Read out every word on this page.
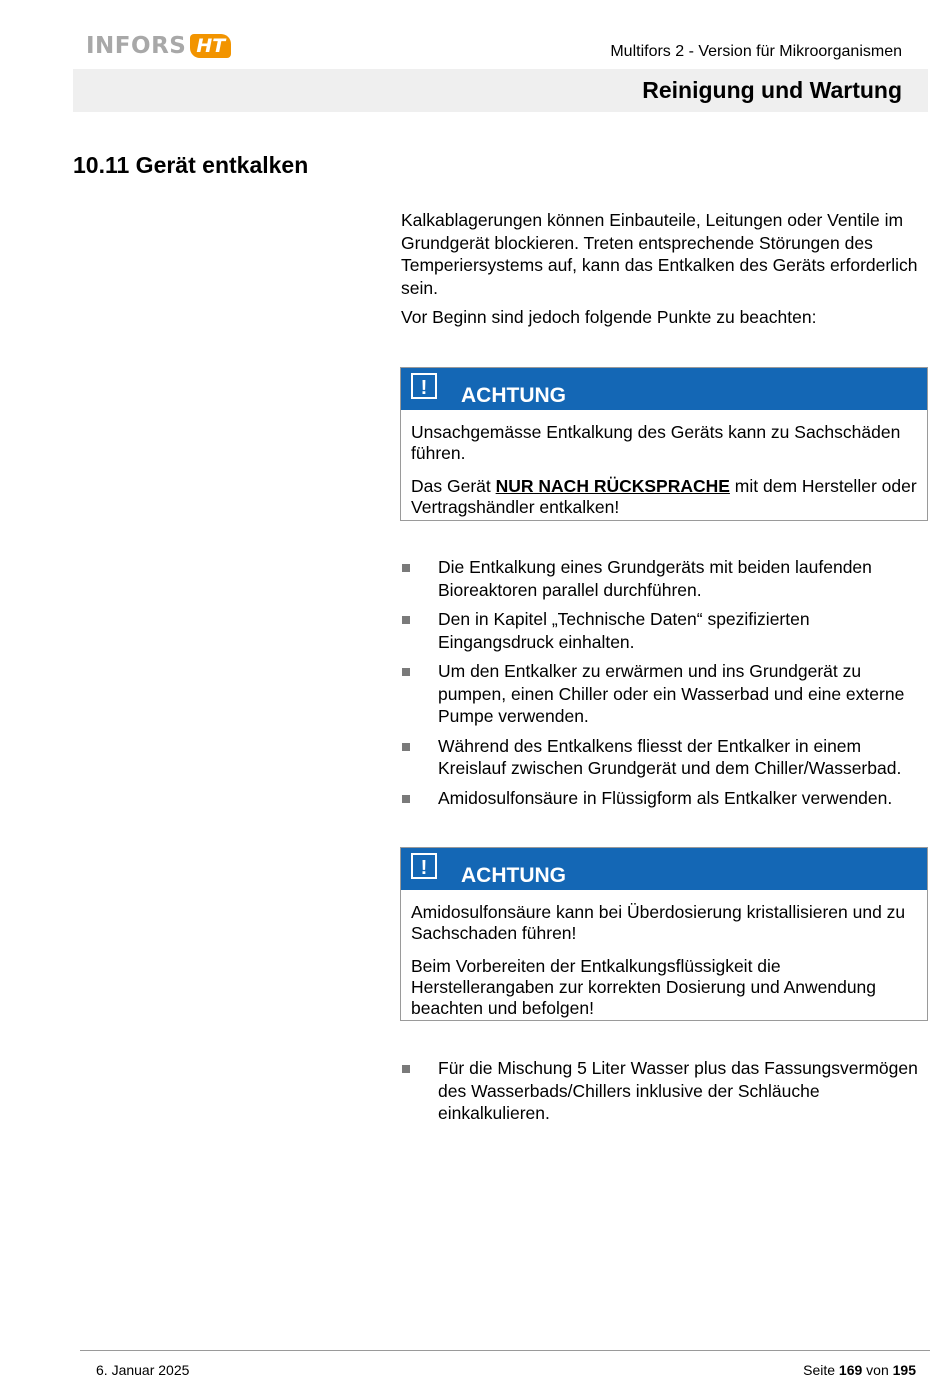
INFORS HT	Multifors 2 - Version für Mikroorganismen
Reinigung und Wartung
10.11 Gerät entkalken

Kalkablagerungen können Einbauteile, Leitungen oder Ventile im Grundgerät blockieren. Treten entsprechende Störungen des Temperiersystems auf, kann das Entkalken des Geräts erforderlich sein.

Vor Beginn sind jedoch folgende Punkte zu beachten:

!	ACHTUNG

Unsachgemässe Entkalkung des Geräts kann zu Sachschäden führen.

Das Gerät NUR NACH RÜCKSPRACHE mit dem Hersteller oder Vertragshändler entkalken!

Die Entkalkung eines Grundgeräts mit beiden laufenden Bioreaktoren parallel durchführen.
Den in Kapitel „Technische Daten“ spezifizierten Eingangsdruck einhalten.
Um den Entkalker zu erwärmen und ins Grundgerät zu pumpen, einen Chiller oder ein Wasserbad und eine externe Pumpe verwenden.
Während des Entkalkens fliesst der Entkalker in einem Kreislauf zwischen Grundgerät und dem Chiller/Wasserbad.
Amidosulfonsäure in Flüssigform als Entkalker verwenden.
!	ACHTUNG

Amidosulfonsäure kann bei Überdosierung kristallisieren und zu Sachschaden führen!

Beim Vorbereiten der Entkalkungsflüssigkeit die Herstellerangaben zur korrekten Dosierung und Anwendung beachten und befolgen!

Für die Mischung 5 Liter Wasser plus das Fassungsvermögen des Wasserbads/Chillers inklusive der Schläuche einkalkulieren.
6. Januar 2025	Seite 169 von 195
